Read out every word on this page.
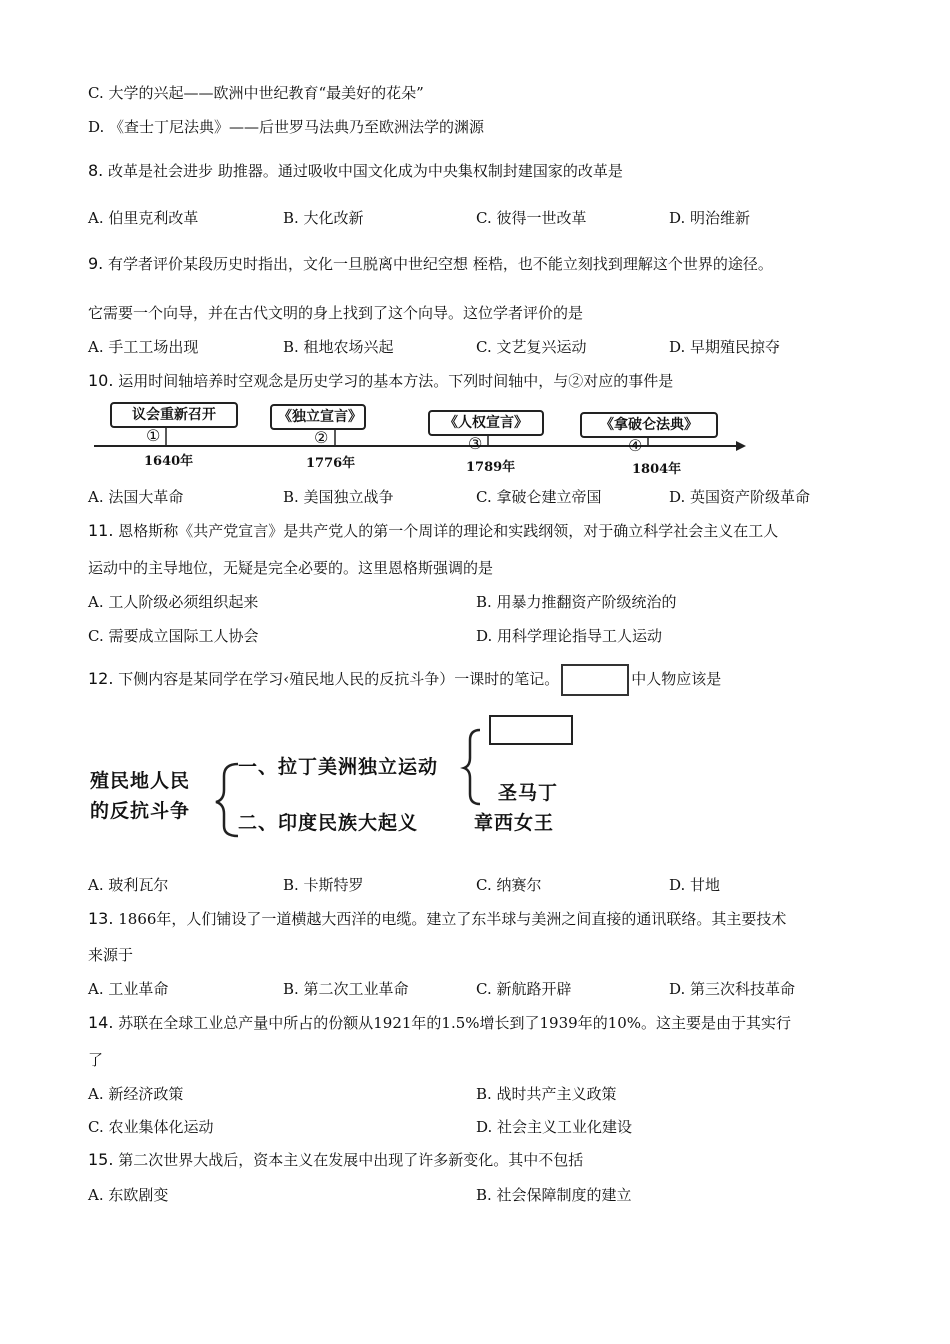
C. 大学的兴起——欧洲中世纪教育“最美好的花朵”
D. 《查士丁尼法典》——后世罗马法典乃至欧洲法学的渊源
8. 改革是社会进步 助推器。通过吸收中国文化成为中央集权制封建国家的改革是
A. 伯里克利改革	B. 大化改新	C. 彼得一世改革	D. 明治维新
9. 有学者评价某段历史时指出，文化一旦脱离中世纪空想 桎梏，也不能立刻找到理解这个世界的途径。
它需要一个向导，并在古代文明的身上找到了这个向导。这位学者评价的是
A. 手工工场出现	B. 租地农场兴起	C. 文艺复兴运动	D. 早期殖民掠夺
10. 运用时间轴培养时空观念是历史学习的基本方法。下列时间轴中，与②对应的事件是
议会重新召开
①
1640年
《独立宣言》
②
1776年
《人权宣言》
③
1789年
《拿破仑法典》
④
1804年
A. 法国大革命	B. 美国独立战争	C. 拿破仑建立帝国	D. 英国资产阶级革命
11. 恩格斯称《共产党宣言》是共产党人的第一个周详的理论和实践纲领，对于确立科学社会主义在工人
运动中的主导地位，无疑是完全必要的。这里恩格斯强调的是
A. 工人阶级必须组织起来	B. 用暴力推翻资产阶级统治的
C. 需要成立国际工人协会	D. 用科学理论指导工人运动
12. 下侧内容是某同学在学习‹殖民地人民的反抗斗争）一课时的笔记。	中人物应该是
殖民地人民
的反抗斗争
一、拉丁美洲独立运动
二、印度民族大起义
圣马丁
章西女王
A. 玻利瓦尔	B. 卡斯特罗	C. 纳赛尔	D. 甘地
13. 1866年，人们铺设了一道横越大西洋的电缆。建立了东半球与美洲之间直接的通讯联络。其主要技术
来源于
A. 工业革命	B. 第二次工业革命	C. 新航路开辟	D. 第三次科技革命
14. 苏联在全球工业总产量中所占的份额从1921年的1.5%增长到了1939年的10%。这主要是由于其实行
了
A. 新经济政策	B. 战时共产主义政策
C. 农业集体化运动	D. 社会主义工业化建设
15. 第二次世界大战后，资本主义在发展中出现了许多新变化。其中不包括
A. 东欧剧变	B. 社会保障制度的建立
